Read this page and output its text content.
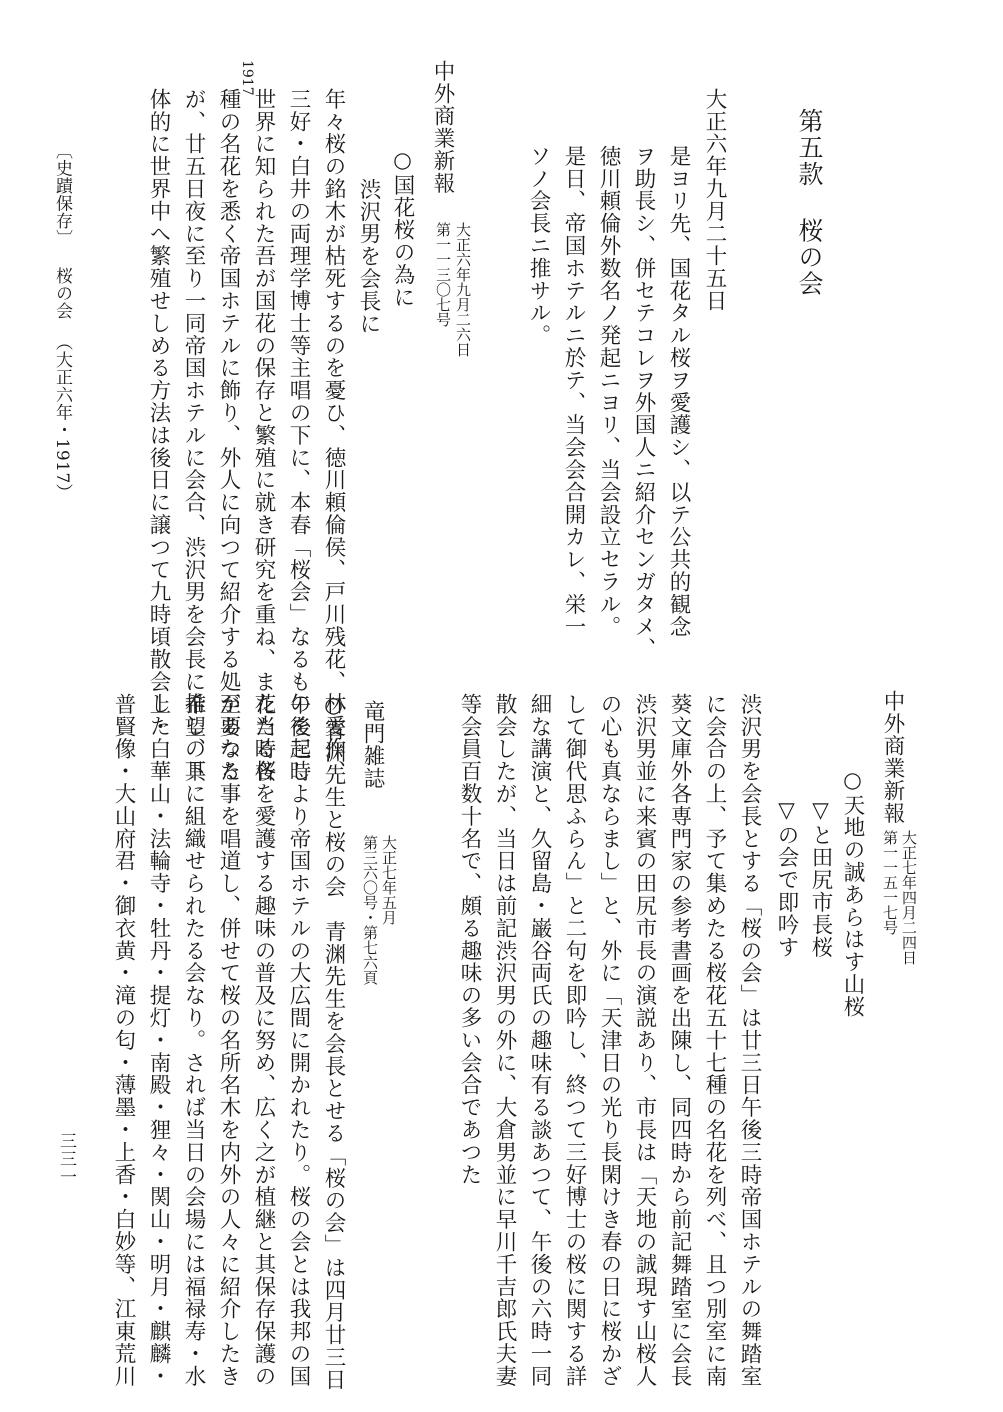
第五款 桜の会
1917
大正六年九月二十五日
是ヨリ先、国花タル桜ヲ愛護シ、以テ公共的観念
ヲ助長シ、併セテコレヲ外国人ニ紹介センガタメ、
徳川頼倫外数名ノ発起ニヨリ、当会設立セラル。
是日、帝国ホテルニ於テ、当会会合開カレ、栄一
ソノ会長ニ推サル。
中外商業新報
第一一三〇七号 大正六年九月二六日
○国花桜の為に
渋沢男を会長に
年々桜の銘木が枯死するのを憂ひ、徳川頼倫侯、戸川残花、林愛作、
三好・白井の両理学博士等主唱の下に、本春「桜会」なるものを起し
世界に知られた吾が国花の保存と繁殖に就き研究を重ね、また当時各
種の名花を悉く帝国ホテルに飾り、外人に向つて紹介する処があつた
が、廿五日夜に至り一同帝国ホテルに会合、渋沢男を会長に推し、具
体的に世界中へ繁殖せしめる方法は後日に譲つて九時頃散会した
中外商業新報
第一一五一七号 大正七年四月二四日
○天地の誠あらはす山桜
▽と田尻市長桜
▽の会で即吟す
渋沢男を会長とする「桜の会」は廿三日午後三時帝国ホテルの舞踏室
に会合の上、予て集めたる桜花五十七種の名花を列べ、且つ別室に南
葵文庫外各専門家の参考書画を出陳し、同四時から前記舞踏室に会長
渋沢男並に来賓の田尻市長の演説あり、市長は「天地の誠現す山桜人
の心も真ならまし」と、外に「天津日の光り長閑けき春の日に桜かざ
して御代思ふらん」と二句を即吟し、終つて三好博士の桜に関する詳
細な講演と、久留島・巌谷両氏の趣味有る談あつて、午後の六時一同
散会したが、当日は前記渋沢男の外に、大倉男並に早川千吉郎氏夫妻
等会員百数十名で、頗る趣味の多い会合であつた
竜門雑誌
第三六〇号・第七六頁 大正七年五月
○青渊先生と桜の会　青渊先生を会長とせる「桜の会」は四月廿三日
午後三時より帝国ホテルの大広間に開かれたり。桜の会とは我邦の国
花たる桜を愛護する趣味の普及に努め、広く之が植継と其保存保護の
至要なる事を唱道し、併せて桜の名所名木を内外の人々に紹介したき
希望の下に組織せられたる会なり。されば当日の会場には福禄寿・水
上・白華山・法輪寺・牡丹・提灯・南殿・狸々・関山・明月・麒麟・
普賢像・大山府君・御衣黄・滝の匂・薄墨・上香・白妙等、江東荒川
〔史蹟保存〕桜の会（大正六年・1917）
三三一
